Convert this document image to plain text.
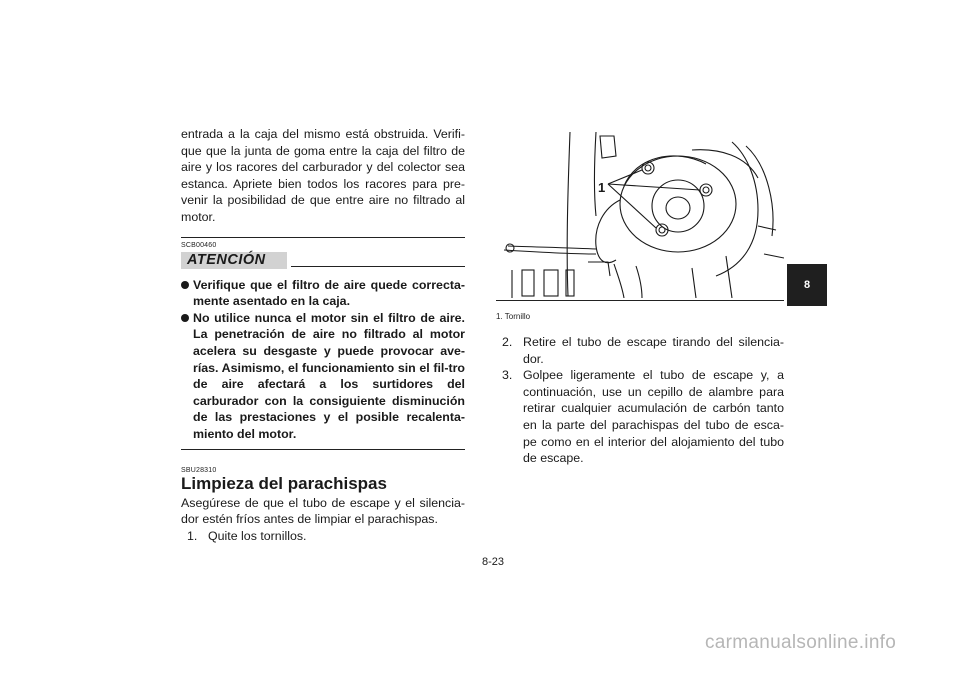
entrada a la caja del mismo está obstruida. Verifi-que que la junta de goma entre la caja del filtro de aire y los racores del carburador y del colector sea estanca. Apriete bien todos los racores para pre-venir la posibilidad de que entre aire no filtrado al motor.

SCB00460

ATENCIÓN
Verifique que el filtro de aire quede correcta-mente asentado en la caja.
No utilice nunca el motor sin el filtro de aire. La penetración de aire no filtrado al motor acelera su desgaste y puede provocar ave-rías. Asimismo, el funcionamiento sin el fil-tro de aire afectará a los surtidores del carburador con la consiguiente disminución de las prestaciones y el posible recalenta-miento del motor.

SBU28310

Limpieza del parachispas

Asegúrese de que el tubo de escape y el silencia-dor estén fríos antes de limpiar el parachispas.

1. Quite los tornillos.
1

1. Tornillo

2. Retire el tubo de escape tirando del silencia-dor.
3. Golpee ligeramente el tubo de escape y, a continuación, use un cepillo de alambre para retirar cualquier acumulación de carbón tanto en la parte del parachispas del tubo de esca-pe como en el interior del alojamiento del tubo de escape.
8
8-23
carmanualsonline.info
